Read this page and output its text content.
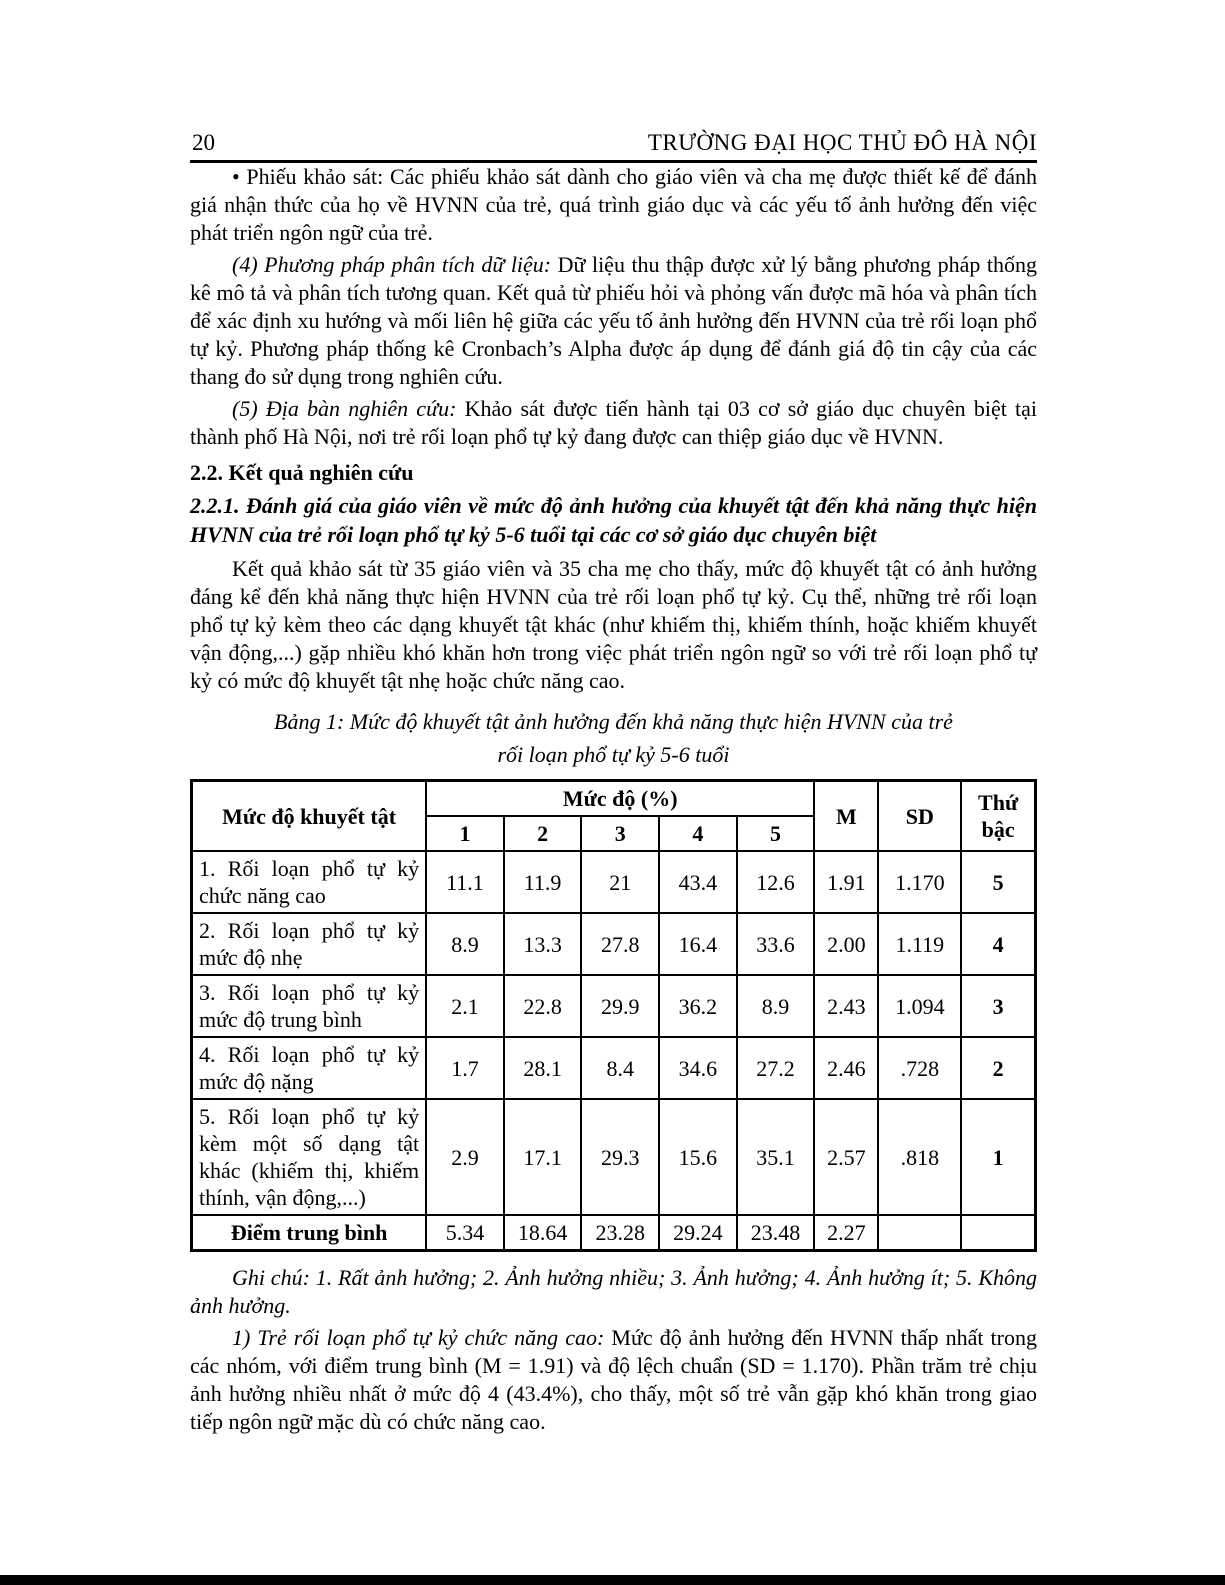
20	TRƯỜNG ĐẠI HỌC THỦ ĐÔ HÀ NỘI

• Phiếu khảo sát: Các phiếu khảo sát dành cho giáo viên và cha mẹ được thiết kế để đánh giá nhận thức của họ về HVNN của trẻ, quá trình giáo dục và các yếu tố ảnh hưởng đến việc phát triển ngôn ngữ của trẻ.

(4) Phương pháp phân tích dữ liệu: Dữ liệu thu thập được xử lý bằng phương pháp thống kê mô tả và phân tích tương quan. Kết quả từ phiếu hỏi và phỏng vấn được mã hóa và phân tích để xác định xu hướng và mối liên hệ giữa các yếu tố ảnh hưởng đến HVNN của trẻ rối loạn phổ tự kỷ. Phương pháp thống kê Cronbach’s Alpha được áp dụng để đánh giá độ tin cậy của các thang đo sử dụng trong nghiên cứu.

(5) Địa bàn nghiên cứu: Khảo sát được tiến hành tại 03 cơ sở giáo dục chuyên biệt tại thành phố Hà Nội, nơi trẻ rối loạn phổ tự kỷ đang được can thiệp giáo dục về HVNN.

2.2. Kết quả nghiên cứu
2.2.1. Đánh giá của giáo viên về mức độ ảnh hưởng của khuyết tật đến khả năng thực hiện HVNN của trẻ rối loạn phổ tự kỷ 5-6 tuổi tại các cơ sở giáo dục chuyên biệt

Kết quả khảo sát từ 35 giáo viên và 35 cha mẹ cho thấy, mức độ khuyết tật có ảnh hưởng đáng kể đến khả năng thực hiện HVNN của trẻ rối loạn phổ tự kỷ. Cụ thể, những trẻ rối loạn phổ tự kỷ kèm theo các dạng khuyết tật khác (như khiếm thị, khiếm thính, hoặc khiếm khuyết vận động,...) gặp nhiều khó khăn hơn trong việc phát triển ngôn ngữ so với trẻ rối loạn phổ tự kỷ có mức độ khuyết tật nhẹ hoặc chức năng cao.

Bảng 1: Mức độ khuyết tật ảnh hưởng đến khả năng thực hiện HVNN của trẻ
rối loạn phổ tự kỷ 5-6 tuổi
Mức độ khuyết tật	Mức độ (%)					M	SD	Thứ bậc
	1	2	3	4	5			
1. Rối loạn phổ tự kỷ chức năng cao	11.1	11.9	21	43.4	12.6	1.91	1.170	5
2. Rối loạn phổ tự kỷ mức độ nhẹ	8.9	13.3	27.8	16.4	33.6	2.00	1.119	4
3. Rối loạn phổ tự kỷ mức độ trung bình	2.1	22.8	29.9	36.2	8.9	2.43	1.094	3
4. Rối loạn phổ tự kỷ mức độ nặng	1.7	28.1	8.4	34.6	27.2	2.46	.728	2
5. Rối loạn phổ tự kỷ kèm một số dạng tật khác (khiếm thị, khiếm thính, vận động,...)	2.9	17.1	29.3	15.6	35.1	2.57	.818	1
Điểm trung bình	5.34	18.64	23.28	29.24	23.48	2.27		

Ghi chú: 1. Rất ảnh hưởng; 2. Ảnh hưởng nhiều; 3. Ảnh hưởng; 4. Ảnh hưởng ít; 5. Không ảnh hưởng.

1) Trẻ rối loạn phổ tự kỷ chức năng cao: Mức độ ảnh hưởng đến HVNN thấp nhất trong các nhóm, với điểm trung bình (M = 1.91) và độ lệch chuẩn (SD = 1.170). Phần trăm trẻ chịu ảnh hưởng nhiều nhất ở mức độ 4 (43.4%), cho thấy, một số trẻ vẫn gặp khó khăn trong giao tiếp ngôn ngữ mặc dù có chức năng cao.
